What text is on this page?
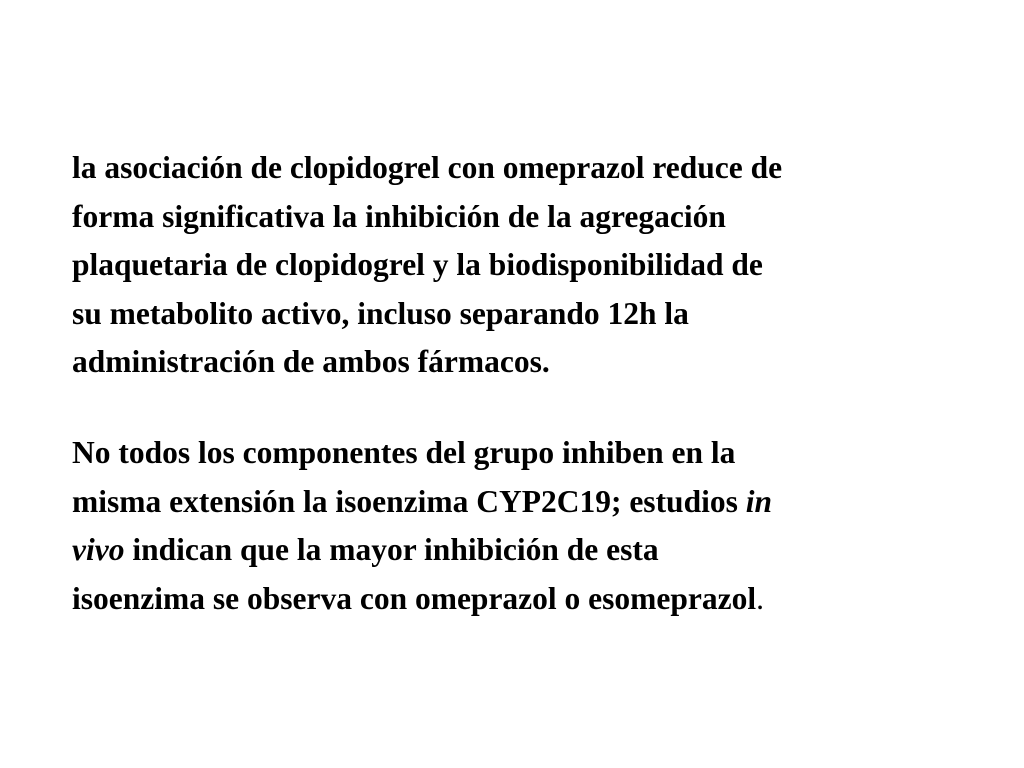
la asociación de clopidogrel con omeprazol reduce de
forma significativa la inhibición de la agregación
plaquetaria de clopidogrel y la biodisponibilidad de
su metabolito activo, incluso separando 12h la
administración de ambos fármacos.
No todos los componentes del grupo inhiben en la
misma extensión la isoenzima CYP2C19; estudios in
vivo indican que la mayor inhibición de esta
isoenzima se observa con omeprazol o esomeprazol.
